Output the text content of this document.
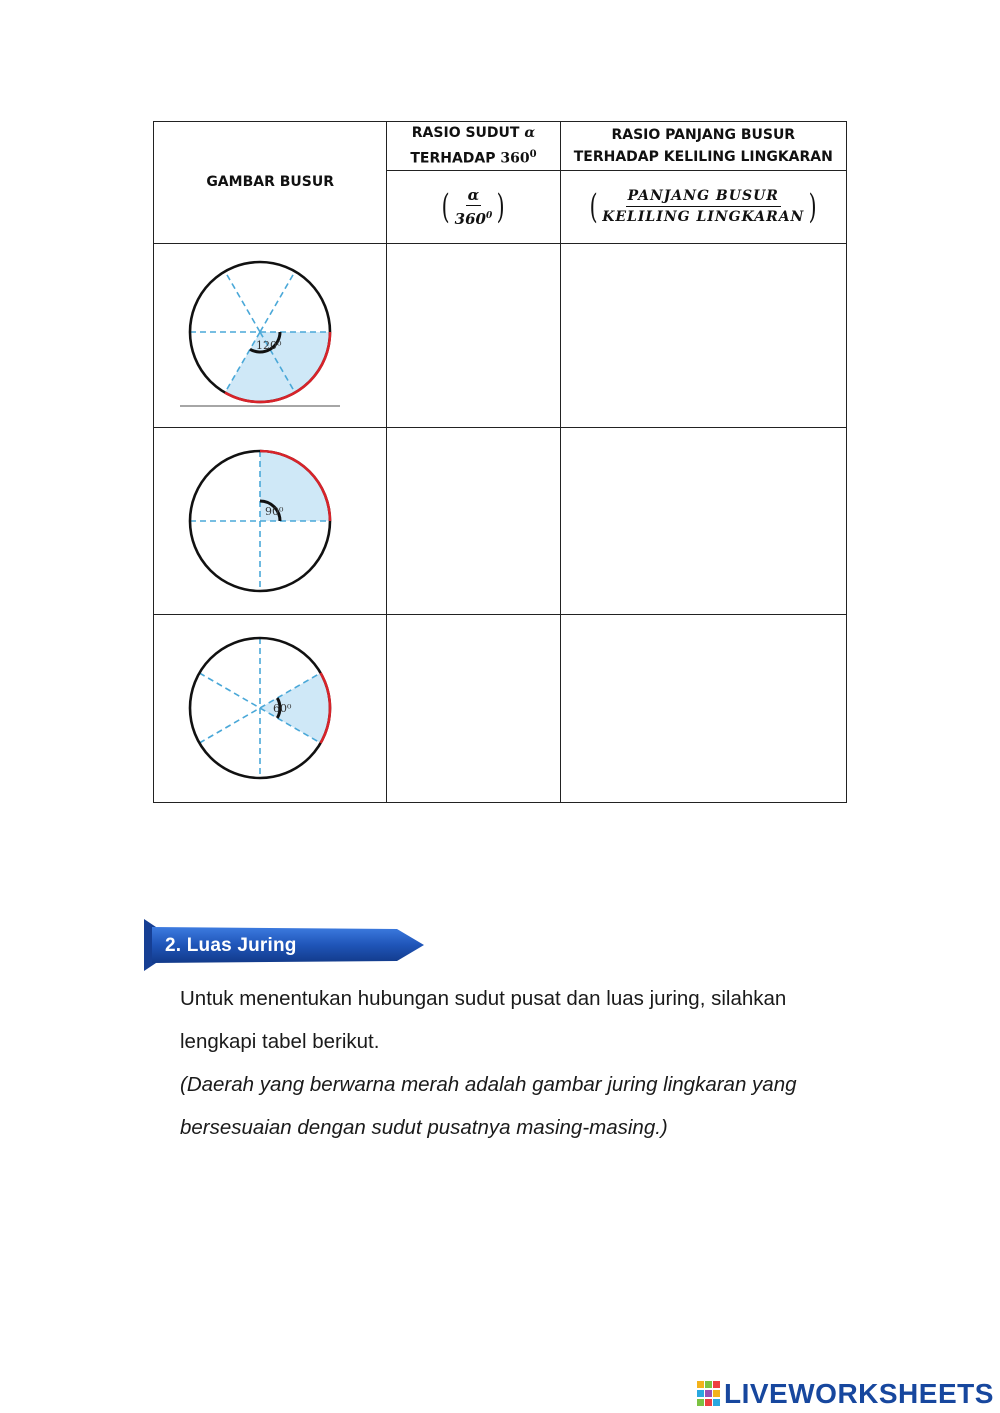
GAMBAR BUSUR	RASIO SUDUT α
TERHADAP $360^0$	RASIO PANJANG BUSUR
TERHADAP KELILING LINGKARAN

	( $\frac{\alpha}{360^0}$ )	( $\frac{\text{PANJANG BUSUR}}{\text{KELILING LINGKARAN}}$ )

120⁰		

90⁰		

60⁰		

2. Luas Juring
Untuk menentukan hubungan sudut pusat dan luas juring, silahkan
lengkapi tabel berikut.
(Daerah yang berwarna merah adalah gambar juring lingkaran yang
bersesuaian dengan sudut pusatnya masing-masing.)
LIVEWORKSHEETS
